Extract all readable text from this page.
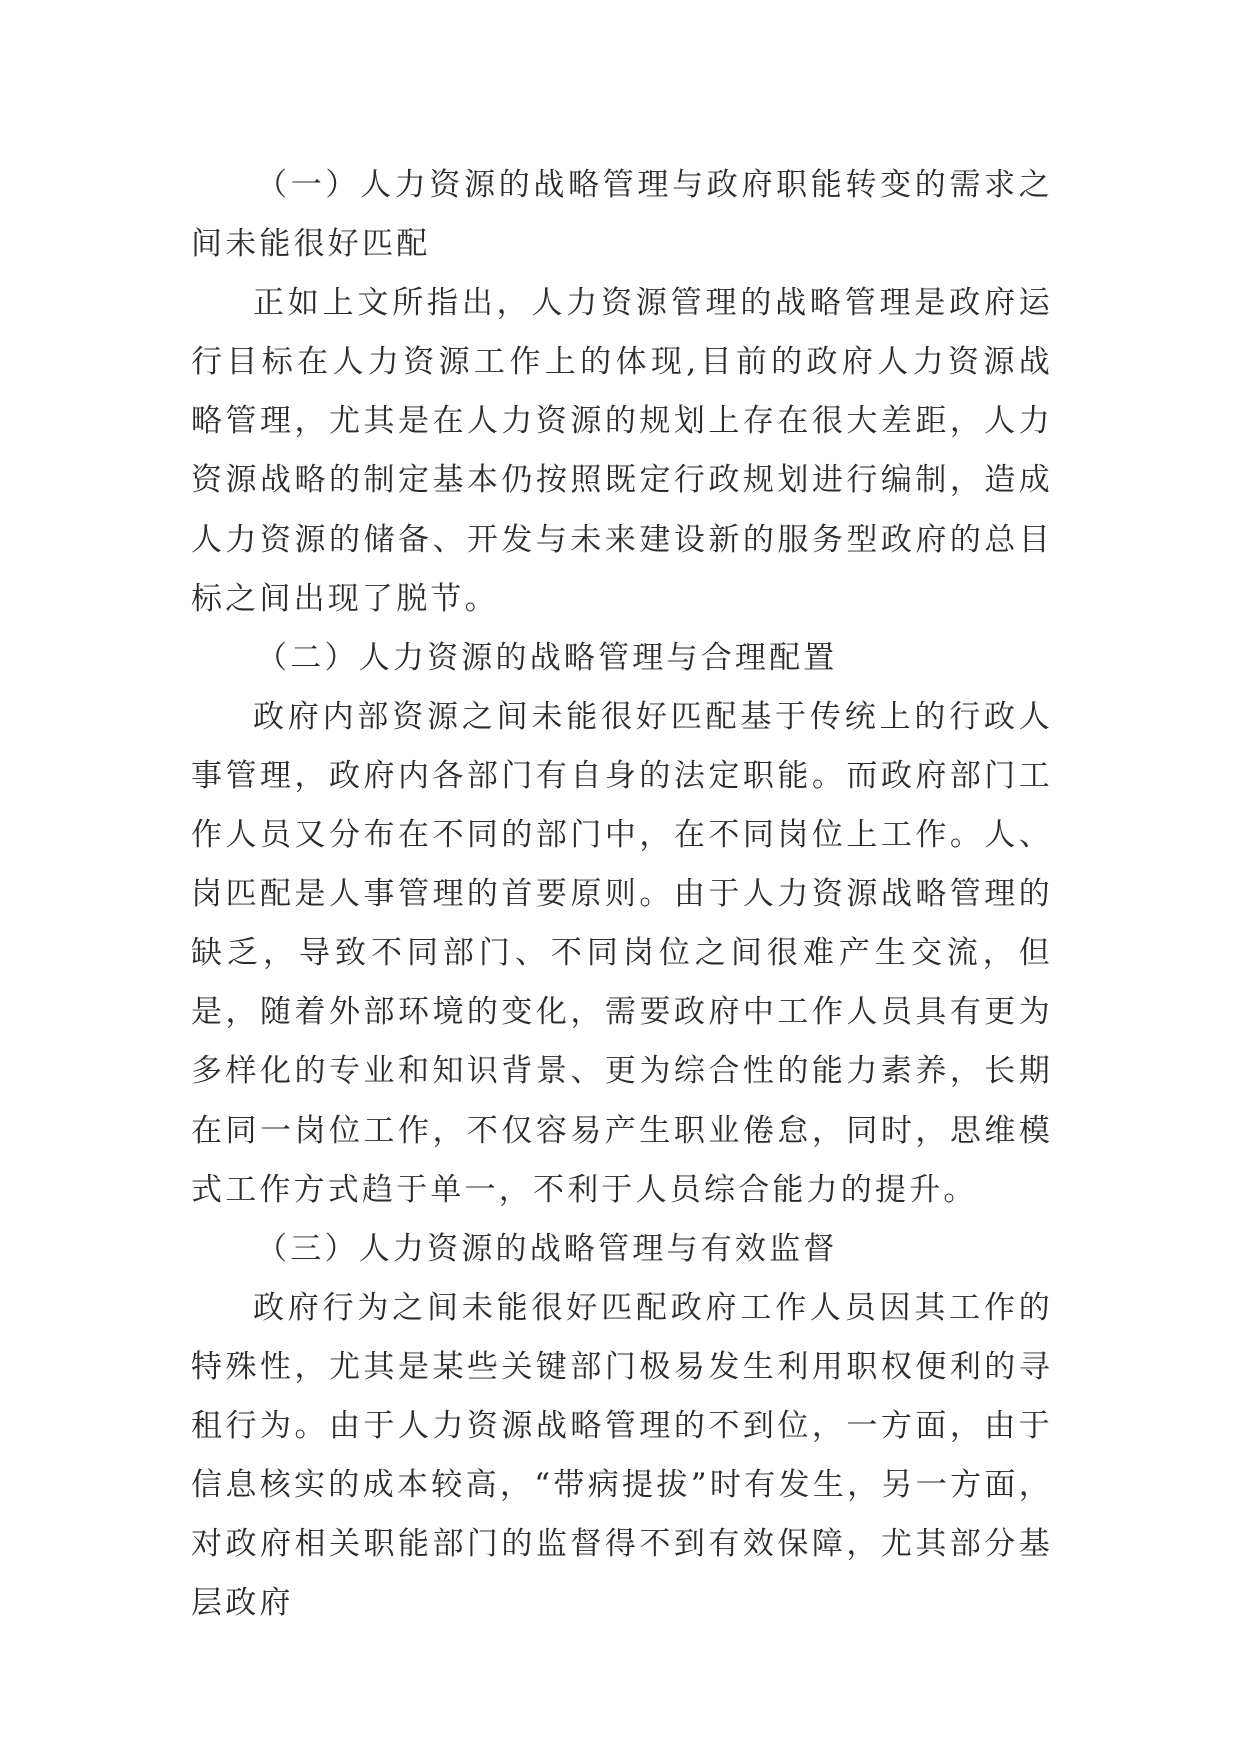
（一）人力资源的战略管理与政府职能转变的需求之间未能很好匹配

正如上文所指出，人力资源管理的战略管理是政府运行目标在人力资源工作上的体现,目前的政府人力资源战略管理，尤其是在人力资源的规划上存在很大差距，人力资源战略的制定基本仍按照既定行政规划进行编制，造成人力资源的储备、开发与未来建设新的服务型政府的总目标之间出现了脱节。

（二）人力资源的战略管理与合理配置

政府内部资源之间未能很好匹配基于传统上的行政人事管理，政府内各部门有自身的法定职能。而政府部门工作人员又分布在不同的部门中，在不同岗位上工作。人、岗匹配是人事管理的首要原则。由于人力资源战略管理的缺乏，导致不同部门、不同岗位之间很难产生交流，但是，随着外部环境的变化，需要政府中工作人员具有更为多样化的专业和知识背景、更为综合性的能力素养，长期在同一岗位工作，不仅容易产生职业倦怠，同时，思维模式工作方式趋于单一，不利于人员综合能力的提升。

（三）人力资源的战略管理与有效监督

政府行为之间未能很好匹配政府工作人员因其工作的特殊性，尤其是某些关键部门极易发生利用职权便利的寻租行为。由于人力资源战略管理的不到位，一方面，由于信息核实的成本较高，“带病提拔”时有发生，另一方面，对政府相关职能部门的监督得不到有效保障，尤其部分基层政府
